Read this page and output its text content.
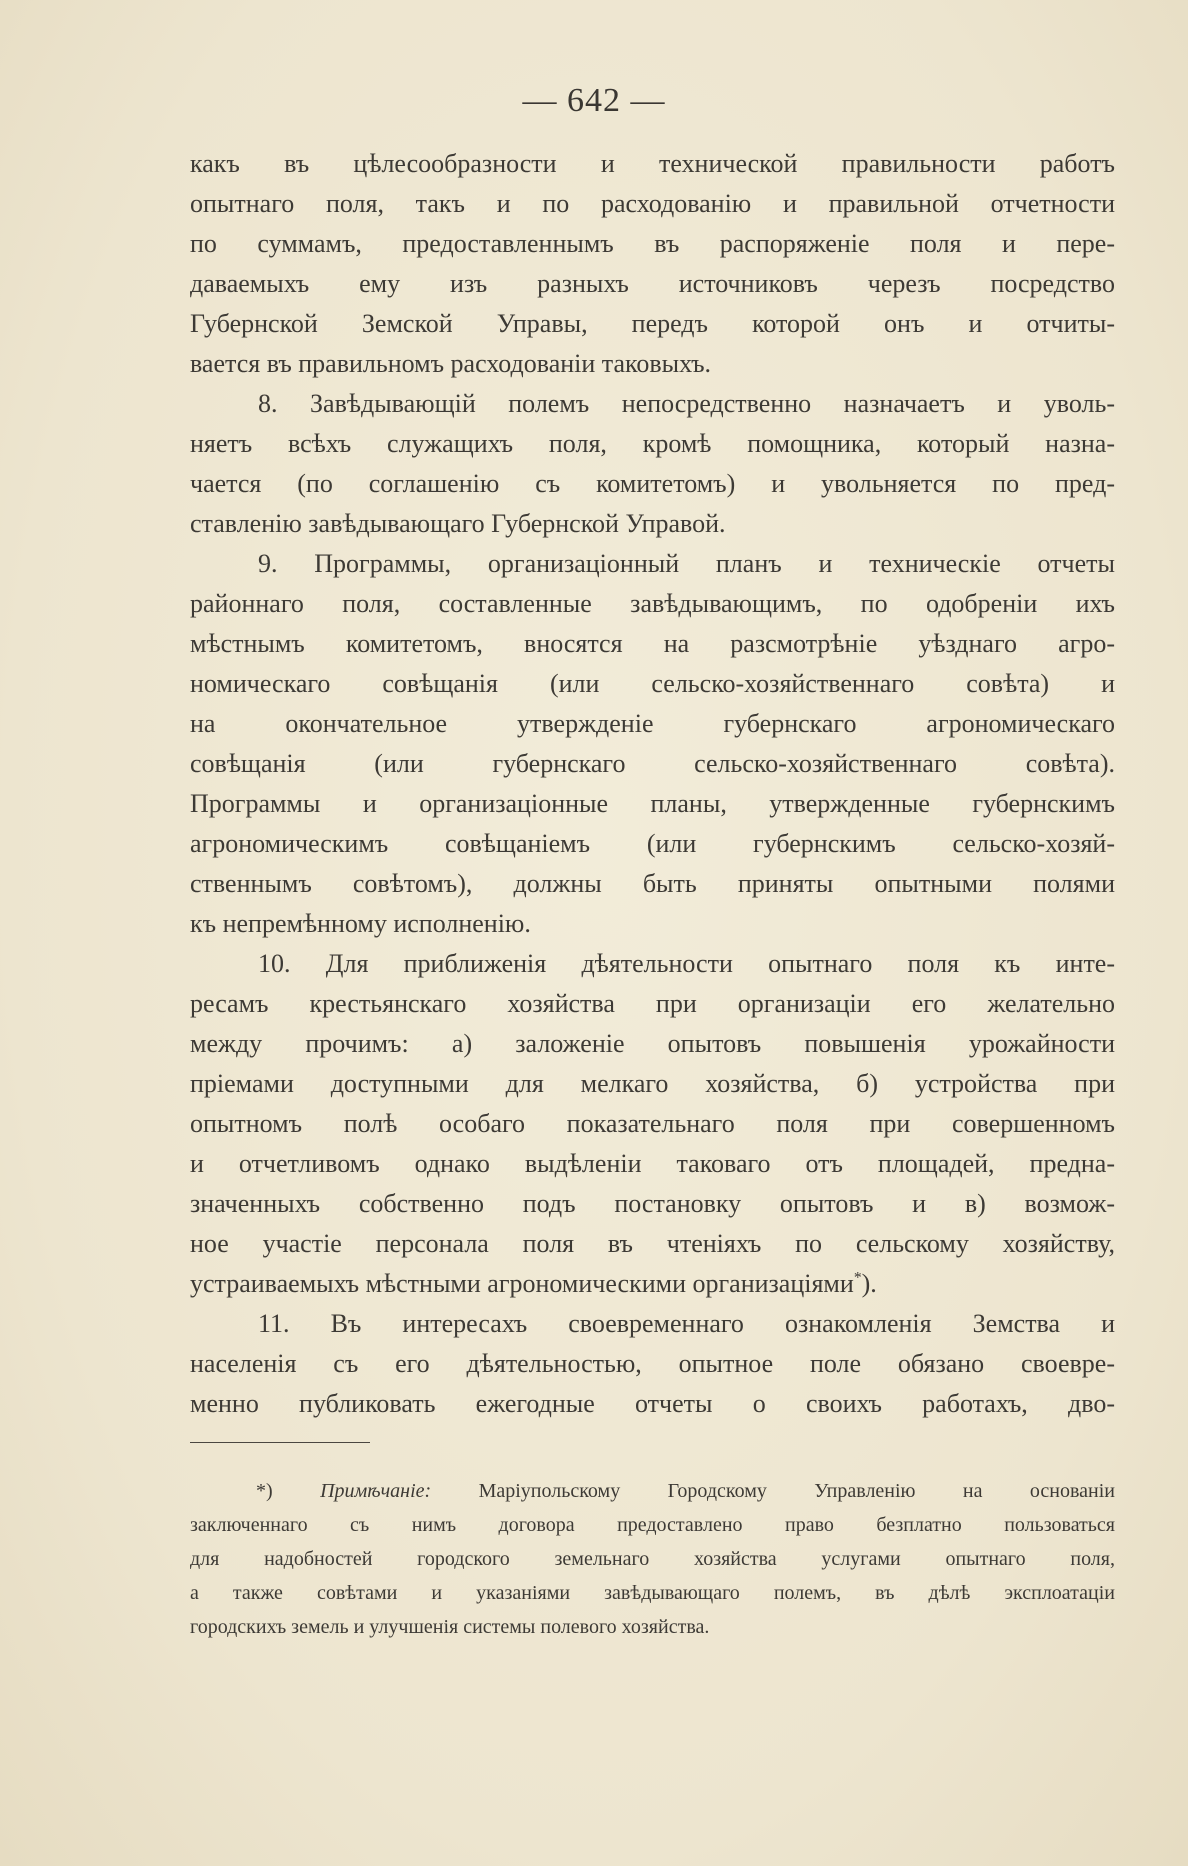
— 642 —

какъ въ цѣлесообразности и технической правильности работъ

опытнаго поля, такъ и по расходованію и правильной отчетности

по суммамъ, предоставленнымъ въ распоряженіе поля и пере-

даваемыхъ ему изъ разныхъ источниковъ черезъ посредство

Губернской Земской Управы, передъ которой онъ и отчиты-

вается въ правильномъ расходованіи таковыхъ.

8. Завѣдывающій полемъ непосредственно назначаетъ и уволь-

няетъ всѣхъ служащихъ поля, кромѣ помощника, который назна-

чается (по соглашенію съ комитетомъ) и увольняется по пред-

ставленію завѣдывающаго Губернской Управой.

9. Программы, организаціонный планъ и техническіе отчеты

районнаго поля, составленные завѣдывающимъ, по одобреніи ихъ

мѣстнымъ комитетомъ, вносятся на разсмотрѣніе уѣзднаго агро-

номическаго совѣщанія (или сельско-хозяйственнаго совѣта) и

на окончательное утвержденіе губернскаго агрономическаго

совѣщанія (или губернскаго сельско-хозяйственнаго совѣта).

Программы и организаціонные планы, утвержденные губернскимъ

агрономическимъ совѣщаніемъ (или губернскимъ сельско-хозяй-

ственнымъ совѣтомъ), должны быть приняты опытными полями

къ непремѣнному исполненію.

10. Для приближенія дѣятельности опытнаго поля къ инте-

ресамъ крестьянскаго хозяйства при организаціи его желательно

между прочимъ: а) заложеніе опытовъ повышенія урожайности

пріемами доступными для мелкаго хозяйства, б) устройства при

опытномъ полѣ особаго показательнаго поля при совершенномъ

и отчетливомъ однако выдѣленіи таковаго отъ площадей, предна-

значенныхъ собственно подъ постановку опытовъ и в) возмож-

ное участіе персонала поля въ чтеніяхъ по сельскому хозяйству,

устраиваемыхъ мѣстными агрономическими организаціями*).

11. Въ интересахъ своевременнаго ознакомленія Земства и

населенія съ его дѣятельностью, опытное поле обязано своевре-

менно публиковать ежегодные отчеты о своихъ работахъ, дво-

*) Примѣчаніе: Маріупольскому Городскому Управленію на основаніи

заключеннаго съ нимъ договора предоставлено право безплатно пользоваться

для надобностей городского земельнаго хозяйства услугами опытнаго поля,

а также совѣтами и указаніями завѣдывающаго полемъ, въ дѣлѣ эксплоатаціи

городскихъ земель и улучшенія системы полевого хозяйства.
